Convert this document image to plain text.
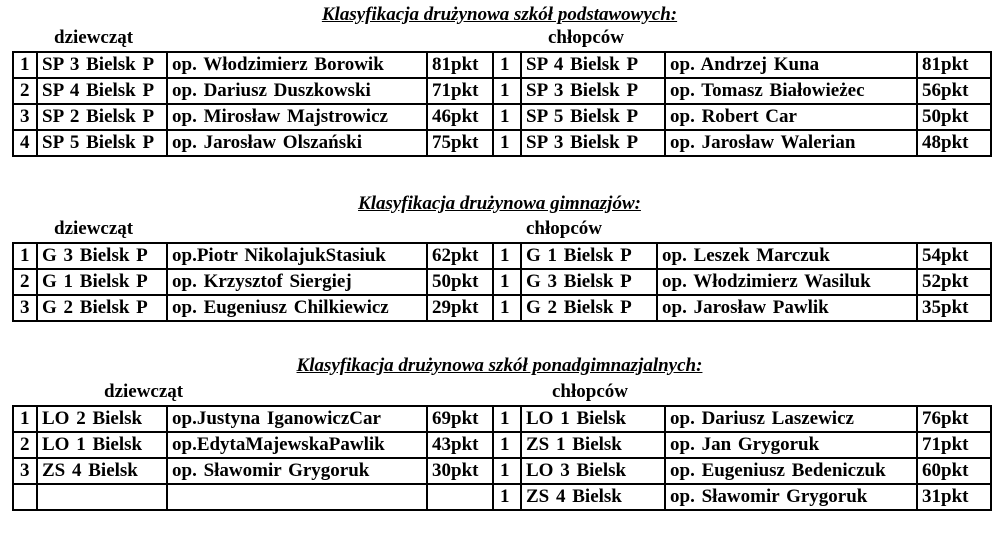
Klasyfikacja drużynowa szkół podstawowych:
dziewcząt	chłopców
1	SP 3 Bielsk P	op. Włodzimierz Borowik	81pkt	1	SP 4 Bielsk P	op. Andrzej Kuna	81pkt
2	SP 4 Bielsk P	op. Dariusz Duszkowski	71pkt	1	SP 3 Bielsk P	op. Tomasz Białowieżec	56pkt
3	SP 2 Bielsk P	op. Mirosław Majstrowicz	46pkt	1	SP 5 Bielsk P	op. Robert Car	50pkt
4	SP 5 Bielsk P	op. Jarosław Olszański	75pkt	1	SP 3 Bielsk P	op. Jarosław Walerian	48pkt
Klasyfikacja drużynowa gimnazjów:
dziewcząt	chłopców
1	G 3 Bielsk P	op.Piotr NikolajukStasiuk	62pkt	1	G 1 Bielsk P	op. Leszek Marczuk	54pkt
2	G 1 Bielsk P	op. Krzysztof Siergiej	50pkt	1	G 3 Bielsk P	op. Włodzimierz Wasiluk	52pkt
3	G 2 Bielsk P	op. Eugeniusz Chilkiewicz	29pkt	1	G 2 Bielsk P	op. Jarosław Pawlik	35pkt
Klasyfikacja drużynowa szkół ponadgimnazjalnych:
dziewcząt	chłopców
1	LO 2 Bielsk	op.Justyna IganowiczCar	69pkt	1	LO 1 Bielsk	op. Dariusz Laszewicz	76pkt
2	LO 1 Bielsk	op.EdytaMajewskaPawlik	43pkt	1	ZS 1 Bielsk	op. Jan Grygoruk	71pkt
3	ZS 4 Bielsk	op. Sławomir Grygoruk	30pkt	1	LO 3 Bielsk	op. Eugeniusz Bedeniczuk	60pkt
				1	ZS 4 Bielsk	op. Sławomir Grygoruk	31pkt
